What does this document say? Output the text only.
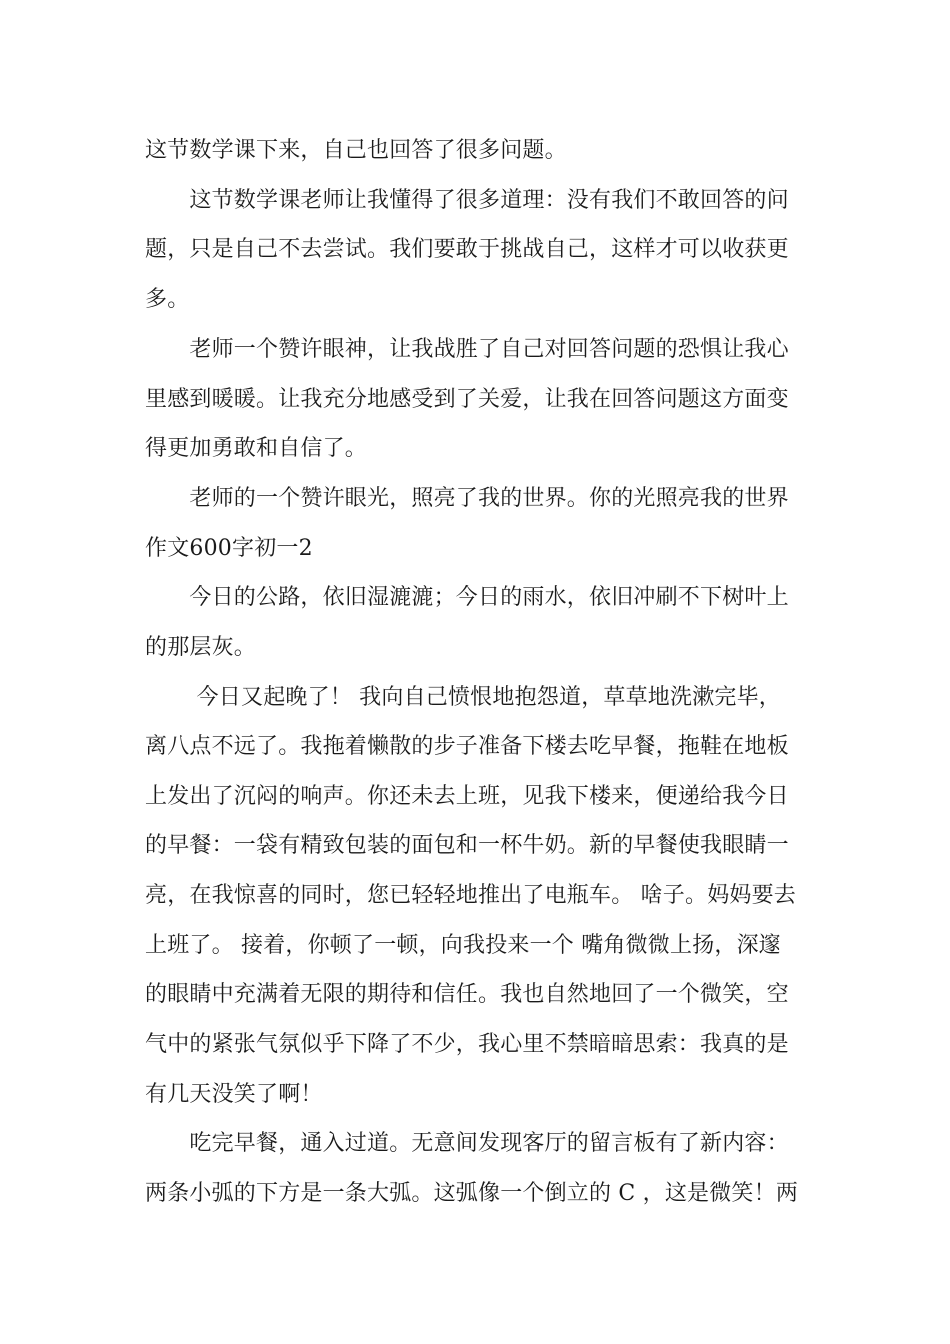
这节数学课下来，自己也回答了很多问题。
　　这节数学课老师让我懂得了很多道理：没有我们不敢回答的问
题，只是自己不去尝试。我们要敢于挑战自己，这样才可以收获更
多。
　　老师一个赞许眼神，让我战胜了自己对回答问题的恐惧让我心
里感到暖暖。让我充分地感受到了关爱，让我在回答问题这方面变
得更加勇敢和自信了。
　　老师的一个赞许眼光，照亮了我的世界。你的光照亮我的世界
作文600字初一2
　　今日的公路，依旧湿漉漉；今日的雨水，依旧冲刷不下树叶上
的那层灰。
　　 今日又起晚了！ 我向自己愤恨地抱怨道，草草地洗漱完毕，
离八点不远了。我拖着懒散的步子准备下楼去吃早餐，拖鞋在地板
上发出了沉闷的响声。你还未去上班，见我下楼来，便递给我今日
的早餐：一袋有精致包装的面包和一杯牛奶。新的早餐使我眼睛一
亮，在我惊喜的同时，您已轻轻地推出了电瓶车。 啥子。妈妈要去
上班了。 接着，你顿了一顿，向我投来一个 嘴角微微上扬，深邃
的眼睛中充满着无限的期待和信任。我也自然地回了一个微笑，空
气中的紧张气氛似乎下降了不少，我心里不禁暗暗思索：我真的是
有几天没笑了啊！
　　吃完早餐，通入过道。无意间发现客厅的留言板有了新内容：
两条小弧的下方是一条大弧。这弧像一个倒立的 C ，这是微笑！两
